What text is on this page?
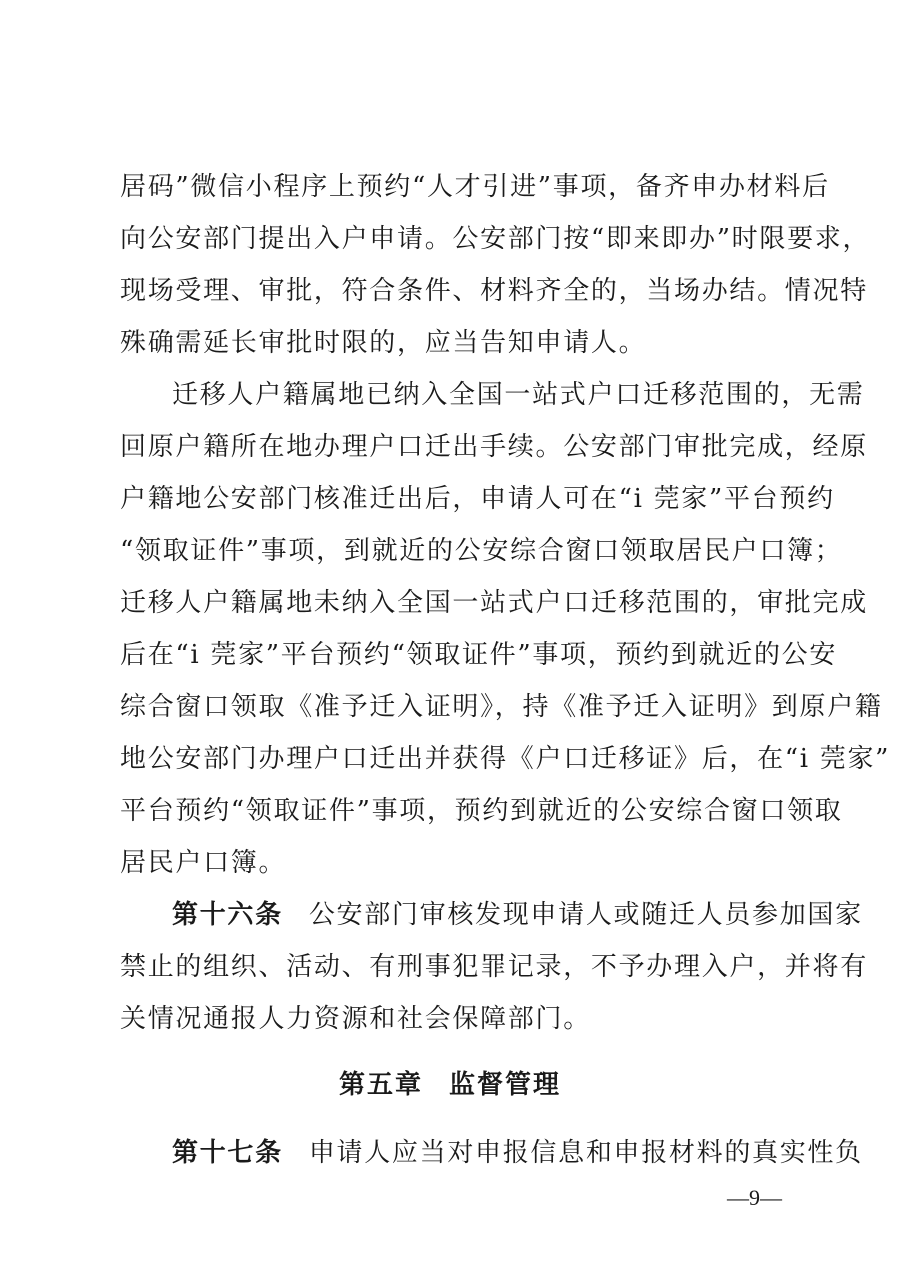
居码”微信小程序上预约“人才引进”事项，备齐申办材料后
向公安部门提出入户申请。公安部门按“即来即办”时限要求，
现场受理、审批，符合条件、材料齐全的，当场办结。情况特
殊确需延长审批时限的，应当告知申请人。
迁移人户籍属地已纳入全国一站式户口迁移范围的，无需
回原户籍所在地办理户口迁出手续。公安部门审批完成，经原
户籍地公安部门核准迁出后，申请人可在“i 莞家”平台预约
“领取证件”事项，到就近的公安综合窗口领取居民户口簿；
迁移人户籍属地未纳入全国一站式户口迁移范围的，审批完成
后在“i 莞家”平台预约“领取证件”事项，预约到就近的公安
综合窗口领取《准予迁入证明》，持《准予迁入证明》到原户籍
地公安部门办理户口迁出并获得《户口迁移证》后，在“i 莞家”
平台预约“领取证件”事项，预约到就近的公安综合窗口领取
居民户口簿。
第十六条 公安部门审核发现申请人或随迁人员参加国家
禁止的组织、活动、有刑事犯罪记录，不予办理入户，并将有
关情况通报人力资源和社会保障部门。
第五章 监督管理
第十七条 申请人应当对申报信息和申报材料的真实性负
—9—
